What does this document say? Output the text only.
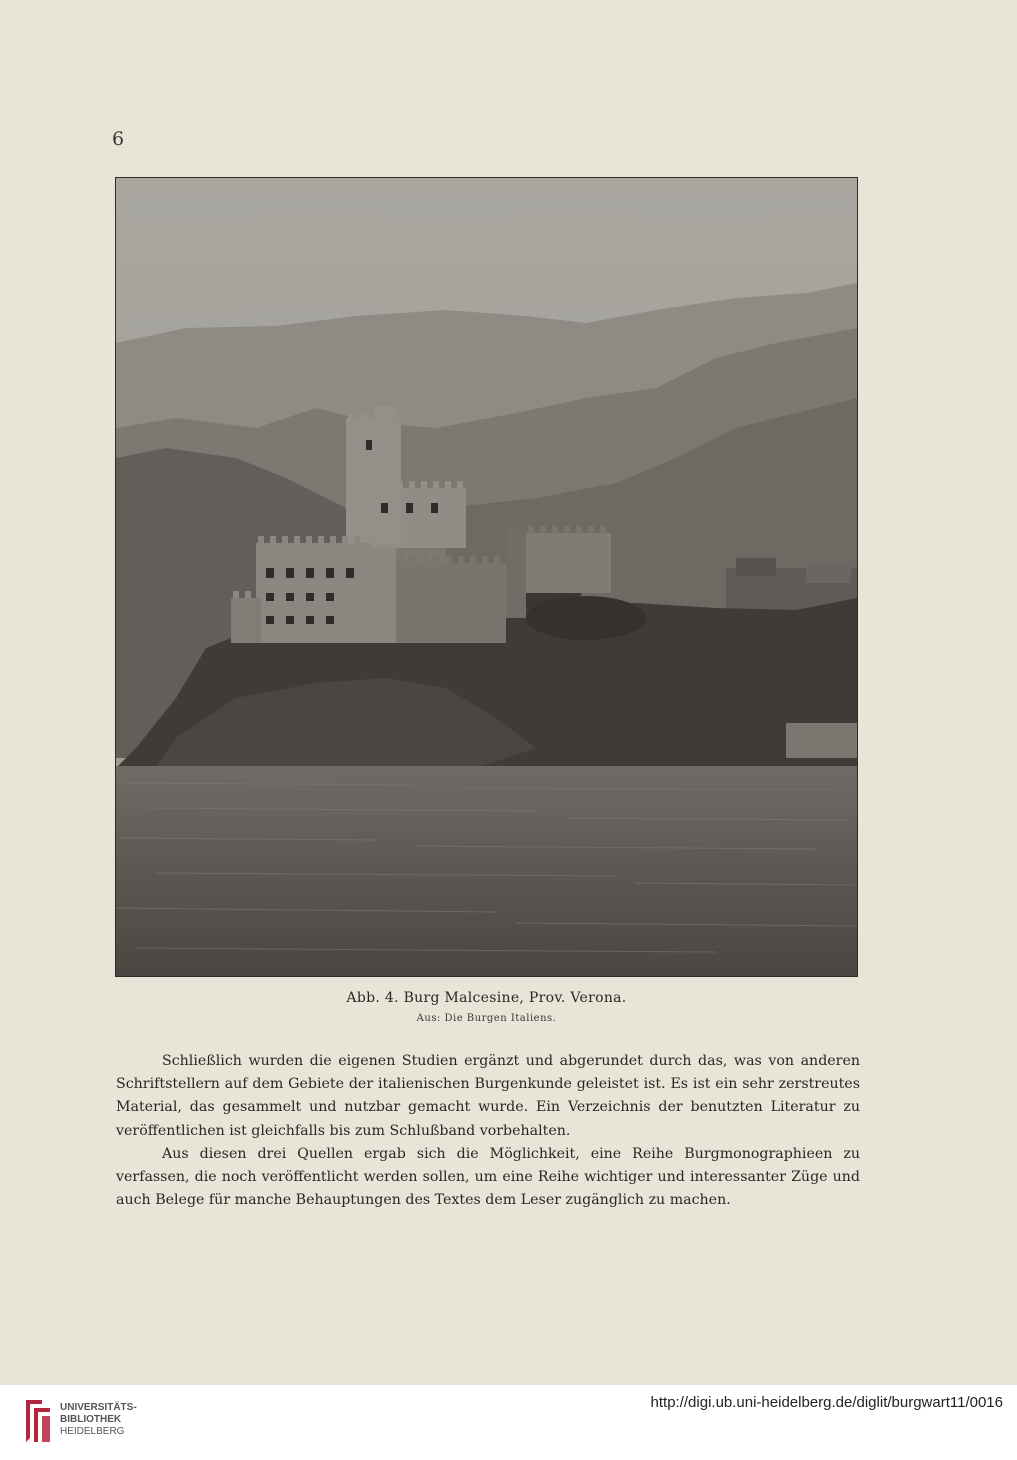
6
Abb. 4. Burg Malcesine, Prov. Verona.
Aus: Die Burgen Italiens.

Schließlich wurden die eigenen Studien ergänzt und abgerundet durch das, was von anderen Schriftstellern auf dem Gebiete der italienischen Burgenkunde geleistet ist. Es ist ein sehr zerstreutes Material, das gesammelt und nutzbar gemacht wurde. Ein Verzeichnis der benutzten Literatur zu veröffentlichen ist gleichfalls bis zum Schlußband vorbehalten.

Aus diesen drei Quellen ergab sich die Möglichkeit, eine Reihe Burgmonographieen zu verfassen, die noch veröffentlicht werden sollen, um eine Reihe wichtiger und interessanter Züge und auch Belege für manche Behauptungen des Textes dem Leser zugänglich zu machen.

UNIVERSITÄTS-
BIBLIOTHEK
HEIDELBERG
http://digi.ub.uni-heidelberg.de/diglit/burgwart11/0016
